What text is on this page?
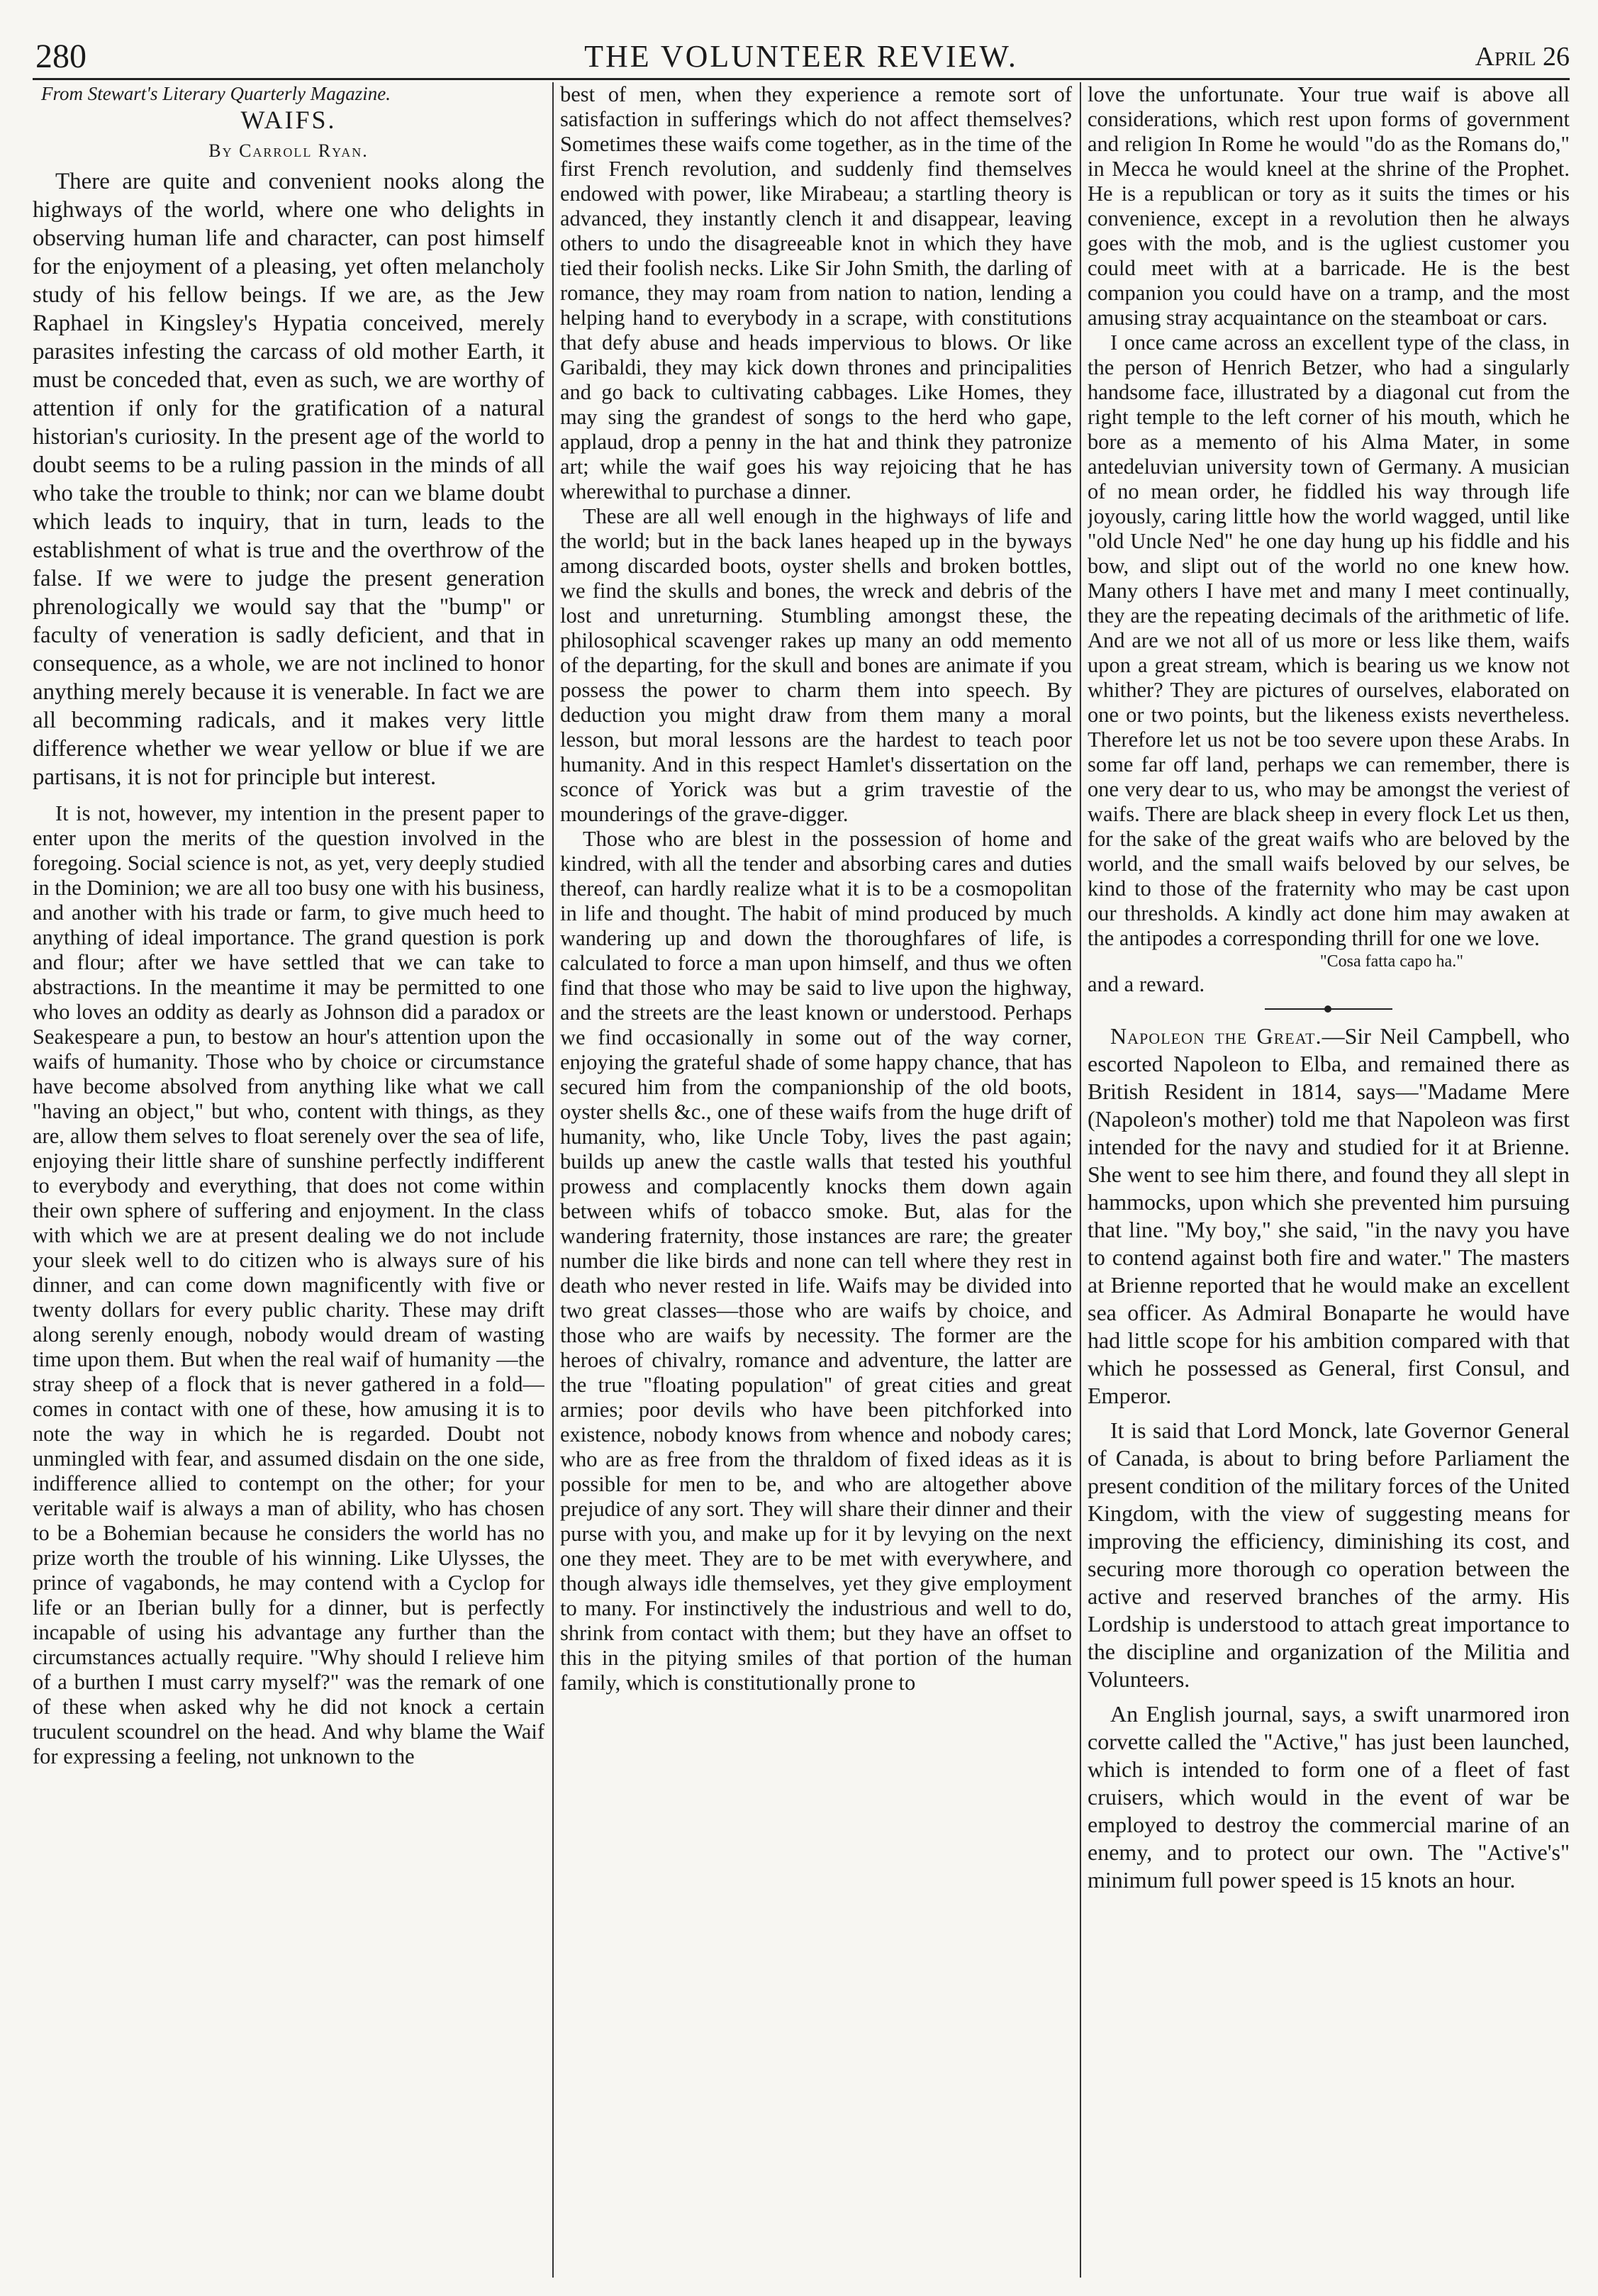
280	THE VOLUNTEER REVIEW.	April 26

From Stewart's Literary Quarterly Magazine.

WAIFS.

By Carroll Ryan.

There are quite and convenient nooks along the highways of the world, where one who delights in observing human life and character, can post himself for the enjoyment of a pleasing, yet often melancholy study of his fellow beings. If we are, as the Jew Raphael in Kingsley's Hypatia conceived, merely parasites infesting the carcass of old mother Earth, it must be conceded that, even as such, we are worthy of attention if only for the gratification of a natural historian's curiosity. In the present age of the world to doubt seems to be a ruling passion in the minds of all who take the trouble to think; nor can we blame doubt which leads to inquiry, that in turn, leads to the establishment of what is true and the overthrow of the false. If we were to judge the present generation phrenologically we would say that the "bump" or faculty of veneration is sadly deficient, and that in consequence, as a whole, we are not inclined to honor anything merely because it is venerable. In fact we are all becomming radicals, and it makes very little difference whether we wear yellow or blue if we are partisans, it is not for principle but interest.

It is not, however, my intention in the present paper to enter upon the merits of the question involved in the foregoing. Social science is not, as yet, very deeply studied in the Dominion; we are all too busy one with his business, and another with his trade or farm, to give much heed to anything of ideal importance. The grand question is pork and flour; after we have settled that we can take to abstractions. In the meantime it may be permitted to one who loves an oddity as dearly as Johnson did a paradox or Seakespeare a pun, to bestow an hour's attention upon the waifs of humanity. Those who by choice or circumstance have become absolved from anything like what we call "having an object," but who, content with things, as they are, allow them selves to float serenely over the sea of life, enjoying their little share of sunshine perfectly indifferent to everybody and everything, that does not come within their own sphere of suffering and enjoyment. In the class with which we are at present dealing we do not include your sleek well to do citizen who is always sure of his dinner, and can come down magnificently with five or twenty dollars for every public charity. These may drift along serenly enough, nobody would dream of wasting time upon them. But when the real waif of humanity —the stray sheep of a flock that is never gathered in a fold—comes in contact with one of these, how amusing it is to note the way in which he is regarded. Doubt not unmingled with fear, and assumed disdain on the one side, indifference allied to contempt on the other; for your veritable waif is always a man of ability, who has chosen to be a Bohemian because he considers the world has no prize worth the trouble of his winning. Like Ulysses, the prince of vagabonds, he may contend with a Cyclop for life or an Iberian bully for a dinner, but is perfectly incapable of using his advantage any further than the circumstances actually require. "Why should I relieve him of a burthen I must carry myself?" was the remark of one of these when asked why he did not knock a certain truculent scoundrel on the head. And why blame the Waif for expressing a feeling, not unknown to the

best of men, when they experience a remote sort of satisfaction in sufferings which do not affect themselves? Sometimes these waifs come together, as in the time of the first French revolution, and suddenly find themselves endowed with power, like Mirabeau; a startling theory is advanced, they instantly clench it and disappear, leaving others to undo the disagreeable knot in which they have tied their foolish necks. Like Sir John Smith, the darling of romance, they may roam from nation to nation, lending a helping hand to everybody in a scrape, with constitutions that defy abuse and heads impervious to blows. Or like Garibaldi, they may kick down thrones and principalities and go back to cultivating cabbages. Like Homes, they may sing the grandest of songs to the herd who gape, applaud, drop a penny in the hat and think they patronize art; while the waif goes his way rejoicing that he has wherewithal to purchase a dinner.

These are all well enough in the highways of life and the world; but in the back lanes heaped up in the byways among discarded boots, oyster shells and broken bottles, we find the skulls and bones, the wreck and debris of the lost and unreturning. Stumbling amongst these, the philosophical scavenger rakes up many an odd memento of the departing, for the skull and bones are animate if you possess the power to charm them into speech. By deduction you might draw from them many a moral lesson, but moral lessons are the hardest to teach poor humanity. And in this respect Hamlet's dissertation on the sconce of Yorick was but a grim travestie of the mounderings of the grave-digger.

Those who are blest in the possession of home and kindred, with all the tender and absorbing cares and duties thereof, can hardly realize what it is to be a cosmopolitan in life and thought. The habit of mind produced by much wandering up and down the thoroughfares of life, is calculated to force a man upon himself, and thus we often find that those who may be said to live upon the highway, and the streets are the least known or understood. Perhaps we find occasionally in some out of the way corner, enjoying the grateful shade of some happy chance, that has secured him from the companionship of the old boots, oyster shells &c., one of these waifs from the huge drift of humanity, who, like Uncle Toby, lives the past again; builds up anew the castle walls that tested his youthful prowess and complacently knocks them down again between whifs of tobacco smoke. But, alas for the wandering fraternity, those instances are rare; the greater number die like birds and none can tell where they rest in death who never rested in life. Waifs may be divided into two great classes—those who are waifs by choice, and those who are waifs by necessity. The former are the heroes of chivalry, romance and adventure, the latter are the true "floating population" of great cities and great armies; poor devils who have been pitchforked into existence, nobody knows from whence and nobody cares; who are as free from the thraldom of fixed ideas as it is possible for men to be, and who are altogether above prejudice of any sort. They will share their dinner and their purse with you, and make up for it by levying on the next one they meet. They are to be met with everywhere, and though always idle themselves, yet they give employment to many. For instinctively the industrious and well to do, shrink from contact with them; but they have an offset to this in the pitying smiles of that portion of the human family, which is constitutionally prone to

love the unfortunate. Your true waif is above all considerations, which rest upon forms of government and religion In Rome he would "do as the Romans do," in Mecca he would kneel at the shrine of the Prophet. He is a republican or tory as it suits the times or his convenience, except in a revolution then he always goes with the mob, and is the ugliest customer you could meet with at a barricade. He is the best companion you could have on a tramp, and the most amusing stray acquaintance on the steamboat or cars.

I once came across an excellent type of the class, in the person of Henrich Betzer, who had a singularly handsome face, illustrated by a diagonal cut from the right temple to the left corner of his mouth, which he bore as a memento of his Alma Mater, in some antedeluvian university town of Germany. A musician of no mean order, he fiddled his way through life joyously, caring little how the world wagged, until like "old Uncle Ned" he one day hung up his fiddle and his bow, and slipt out of the world no one knew how. Many others I have met and many I meet continually, they are the repeating decimals of the arithmetic of life. And are we not all of us more or less like them, waifs upon a great stream, which is bearing us we know not whither? They are pictures of ourselves, elaborated on one or two points, but the likeness exists nevertheless. Therefore let us not be too severe upon these Arabs. In some far off land, perhaps we can remember, there is one very dear to us, who may be amongst the veriest of waifs. There are black sheep in every flock Let us then, for the sake of the great waifs who are beloved by the world, and the small waifs beloved by our selves, be kind to those of the fraternity who may be cast upon our thresholds. A kindly act done him may awaken at the antipodes a corresponding thrill for one we love.

"Cosa fatta capo ha."

and a reward.

Napoleon the Great.—Sir Neil Campbell, who escorted Napoleon to Elba, and remained there as British Resident in 1814, says—"Madame Mere (Napoleon's mother) told me that Napoleon was first intended for the navy and studied for it at Brienne. She went to see him there, and found they all slept in hammocks, upon which she prevented him pursuing that line. "My boy," she said, "in the navy you have to contend against both fire and water." The masters at Brienne reported that he would make an excellent sea officer. As Admiral Bonaparte he would have had little scope for his ambition compared with that which he possessed as General, first Consul, and Emperor.

It is said that Lord Monck, late Governor General of Canada, is about to bring before Parliament the present condition of the military forces of the United Kingdom, with the view of suggesting means for improving the efficiency, diminishing its cost, and securing more thorough co operation between the active and reserved branches of the army. His Lordship is understood to attach great importance to the discipline and organization of the Militia and Volunteers.

An English journal, says, a swift unarmored iron corvette called the "Active," has just been launched, which is intended to form one of a fleet of fast cruisers, which would in the event of war be employed to destroy the commercial marine of an enemy, and to protect our own. The "Active's" minimum full power speed is 15 knots an hour.
